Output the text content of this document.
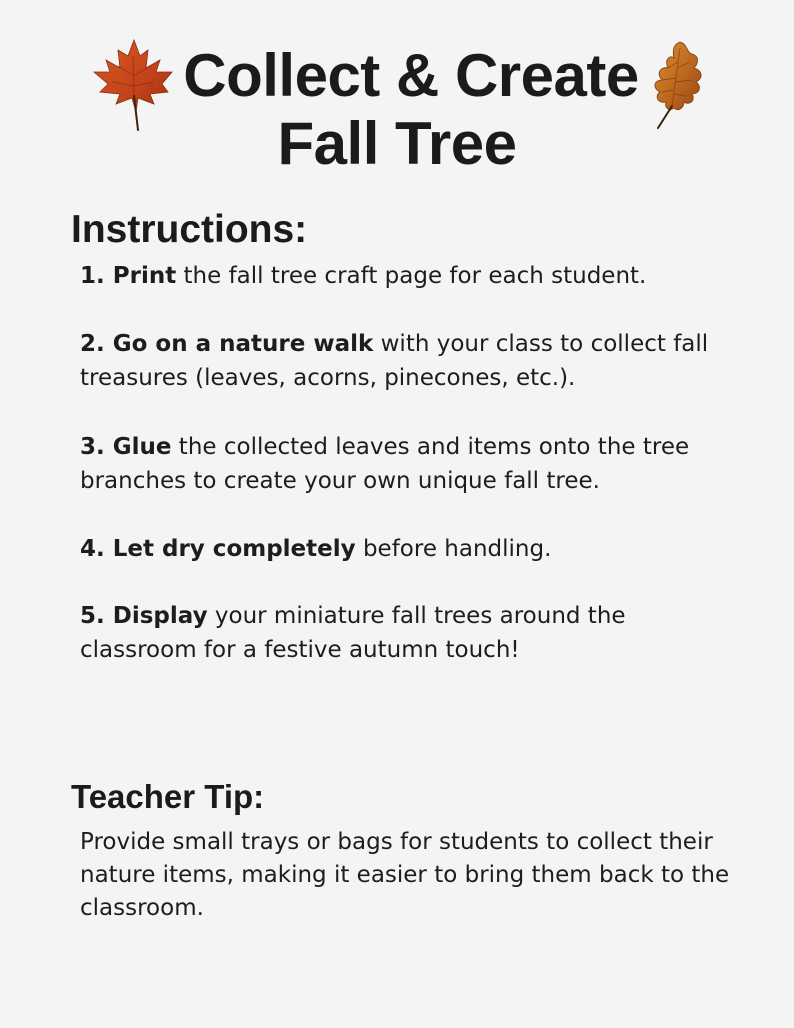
Collect & Create
Fall Tree
Instructions:
1. Print the fall tree craft page for each student.
2. Go on a nature walk with your class to collect fall treasures (leaves, acorns, pinecones, etc.).
3. Glue the collected leaves and items onto the tree branches to create your own unique fall tree.
4. Let dry completely before handling.
5. Display your miniature fall trees around the classroom for a festive autumn touch!
Teacher Tip:
Provide small trays or bags for students to collect their nature items, making it easier to bring them back to the classroom.
